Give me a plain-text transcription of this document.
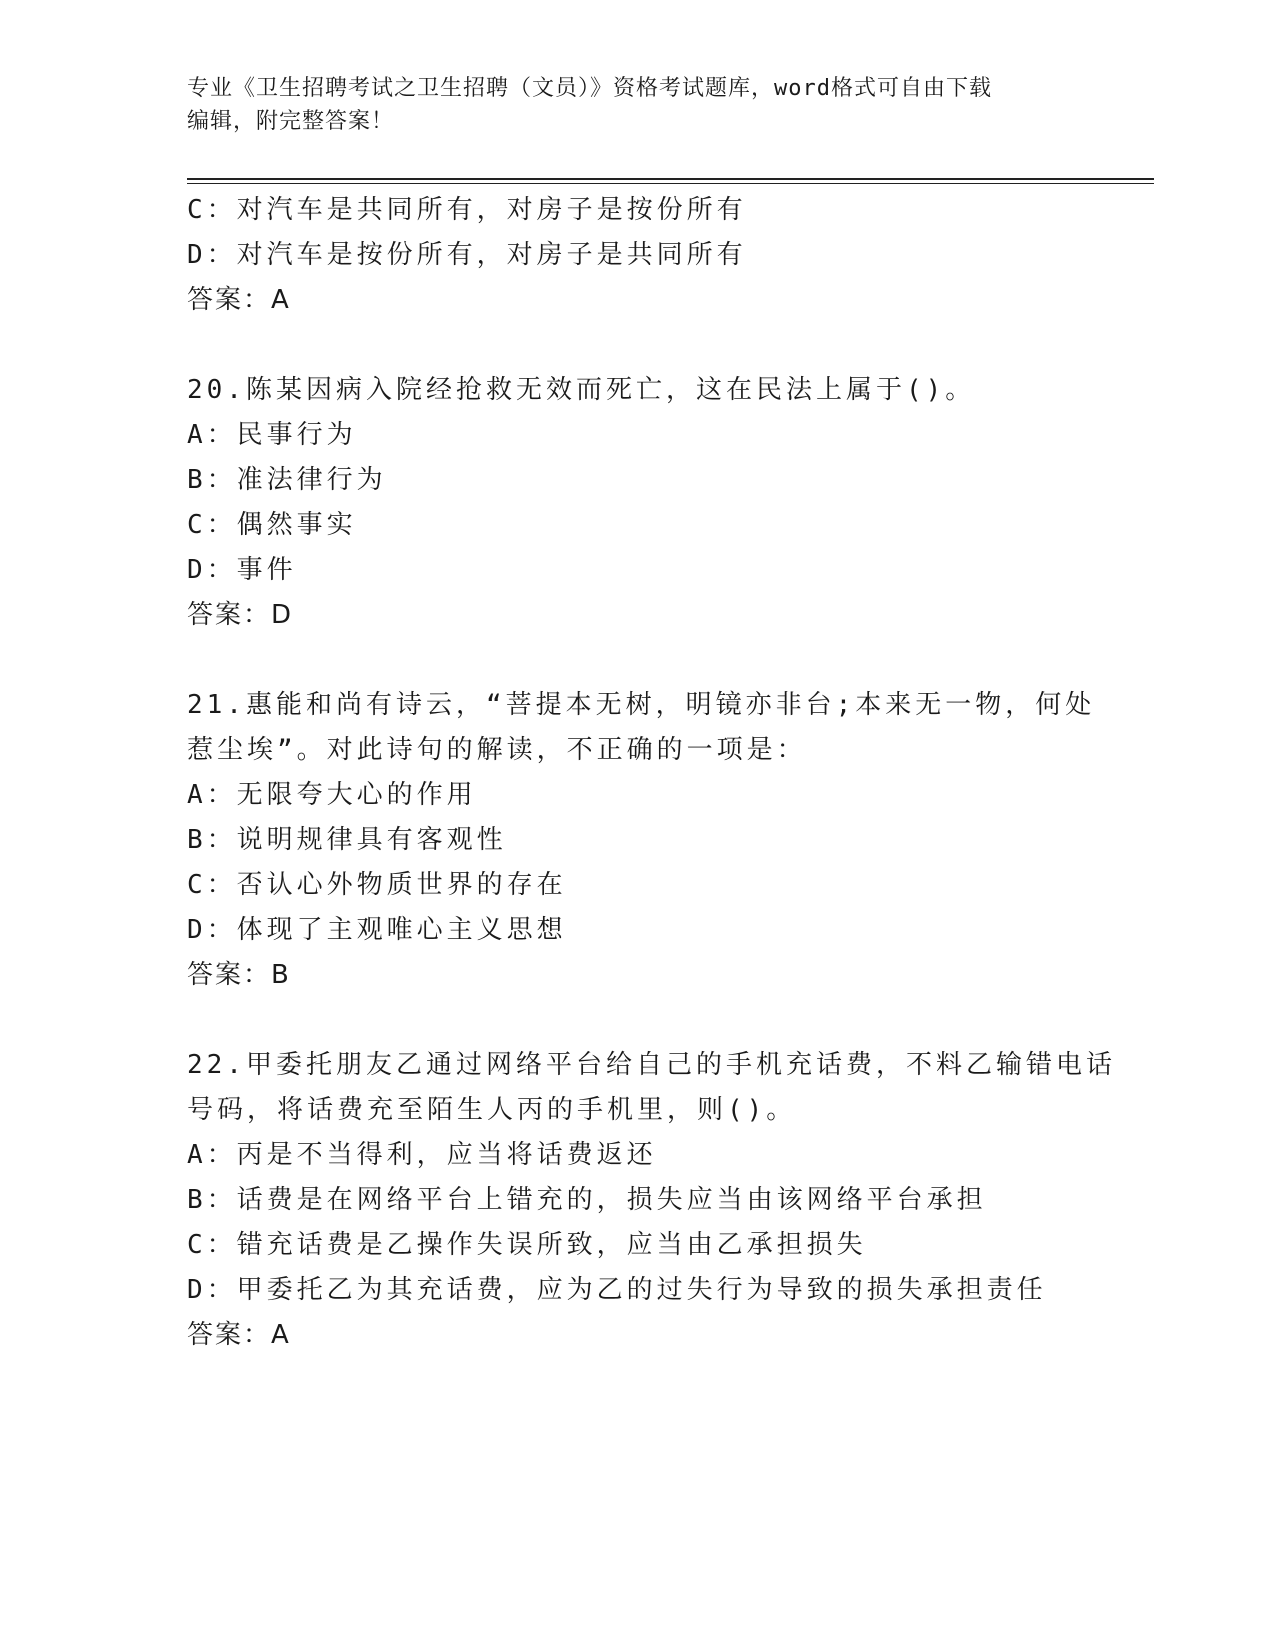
专业《卫生招聘考试之卫生招聘（文员）》资格考试题库，word格式可自由下载
编辑，附完整答案！
C：对汽车是共同所有，对房子是按份所有
D：对汽车是按份所有，对房子是共同所有
答案：A
20.陈某因病入院经抢救无效而死亡，这在民法上属于()。
A：民事行为
B：准法律行为
C：偶然事实
D：事件
答案：D
21.惠能和尚有诗云，“菩提本无树，明镜亦非台;本来无一物，何处
惹尘埃”。对此诗句的解读，不正确的一项是：
A：无限夸大心的作用
B：说明规律具有客观性
C：否认心外物质世界的存在
D：体现了主观唯心主义思想
答案：B
22.甲委托朋友乙通过网络平台给自己的手机充话费，不料乙输错电话
号码，将话费充至陌生人丙的手机里，则()。
A：丙是不当得利，应当将话费返还
B：话费是在网络平台上错充的，损失应当由该网络平台承担
C：错充话费是乙操作失误所致，应当由乙承担损失
D：甲委托乙为其充话费，应为乙的过失行为导致的损失承担责任
答案：A
